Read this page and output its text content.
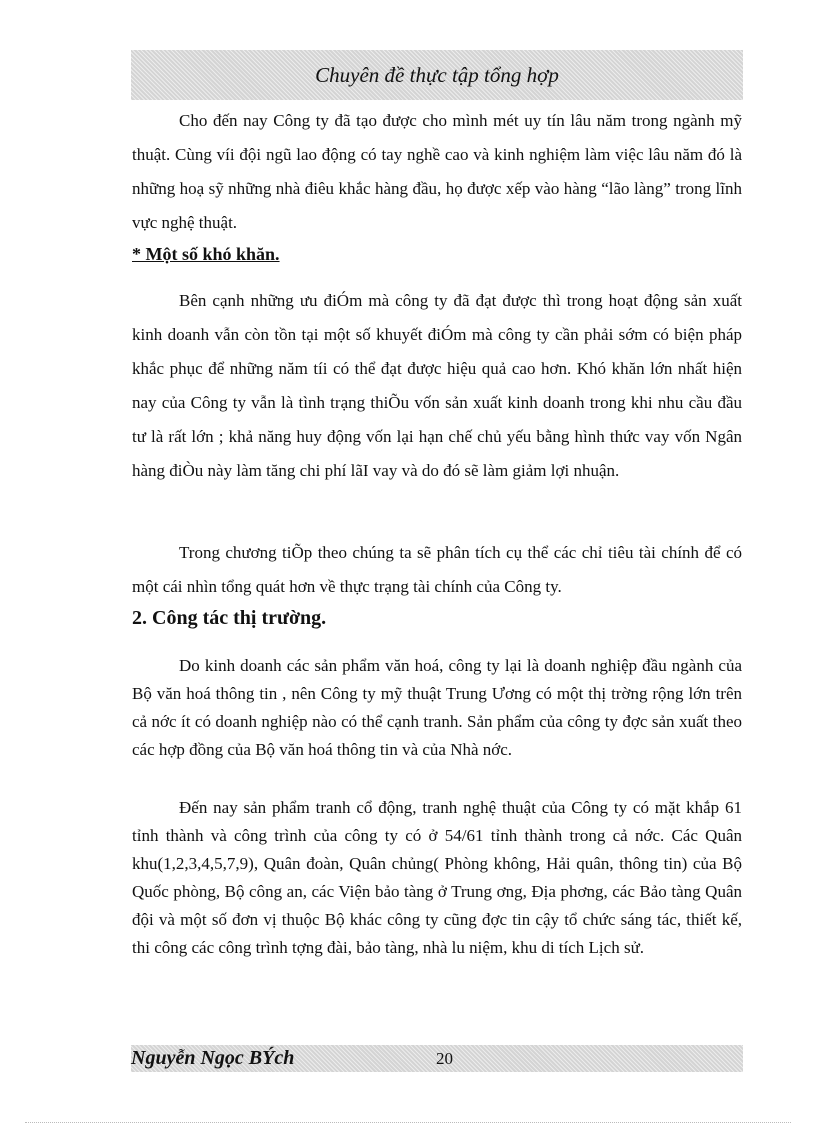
Chuyên đề thực tập tổng hợp

Cho đến nay Công ty đã tạo được cho mình mét uy tín lâu năm trong ngành mỹ thuật. Cùng víi đội ngũ lao động có tay nghề cao và kinh nghiệm làm việc lâu năm đó là những hoạ sỹ những nhà điêu khắc hàng đầu, họ được xếp vào hàng “lão làng” trong lĩnh vực nghệ thuật.

* Một số khó khăn.

Bên cạnh những ưu điÓm mà công ty đã đạt được thì trong hoạt động sản xuất kinh doanh vẫn còn tồn tại một số khuyết điÓm mà công ty cần phải sớm có biện pháp khắc phục để những năm tíi có thể đạt được hiệu quả cao hơn. Khó khăn lớn nhất hiện nay của Công ty vẫn là tình trạng thiÕu vốn sản xuất kinh doanh trong khi nhu cầu đầu tư là rất lớn ; khả năng huy động vốn lại hạn chế chủ yếu bằng hình thức vay vốn Ngân hàng điÒu này làm tăng chi phí lãI vay và do đó sẽ làm giảm lợi nhuận.

Trong chương tiÕp theo chúng ta sẽ phân tích cụ thể các chỉ tiêu tài chính để có một cái nhìn tổng quát hơn về thực trạng tài chính của Công ty.

2. Công tác thị trường.

Do kinh doanh các sản phẩm văn hoá, công ty lại là doanh nghiệp đầu ngành của Bộ văn hoá thông tin , nên Công ty mỹ thuật Trung Ương có một thị trờng rộng lớn trên cả nớc ít có doanh nghiệp nào có thể cạnh tranh. Sản phẩm của công ty đợc sản xuất theo các hợp đồng của Bộ văn hoá thông tin và của Nhà nớc.

Đến nay sản phẩm tranh cổ động, tranh nghệ thuật của Công ty có mặt khắp 61 tỉnh thành và công trình của công ty có ở 54/61 tỉnh thành trong cả nớc. Các Quân khu(1,2,3,4,5,7,9), Quân đoàn, Quân chủng( Phòng không, Hải quân, thông tin) của Bộ Quốc phòng, Bộ công an, các Viện bảo tàng ở Trung ơng, Địa phơng, các Bảo tàng Quân đội và một số đơn vị thuộc Bộ khác công ty cũng đợc tin cậy tổ chức sáng tác, thiết kế, thi công các công trình tợng đài, bảo tàng, nhà lu niệm, khu di tích Lịch sử.

Nguyễn Ngọc BÝch	20
